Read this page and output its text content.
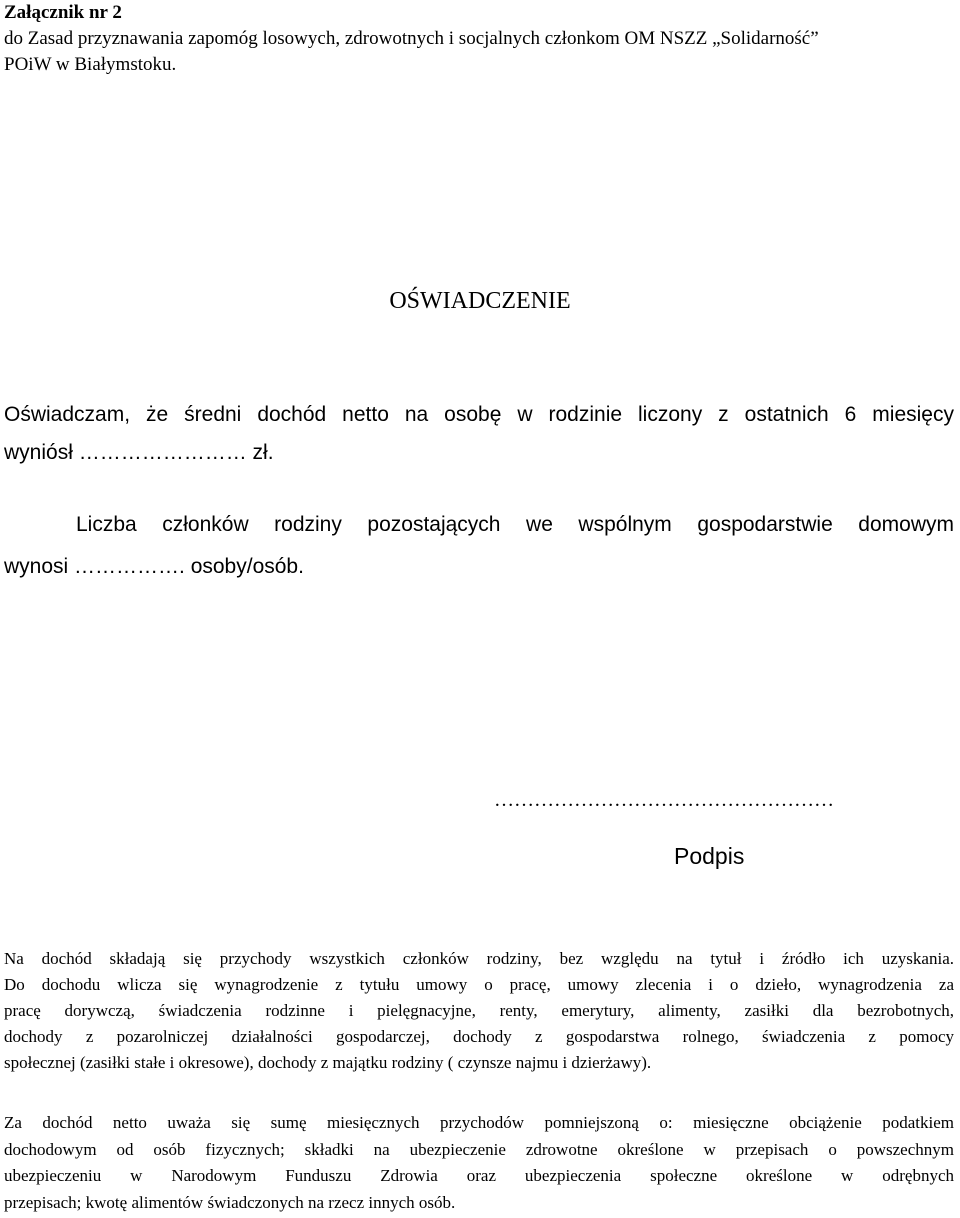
Załącznik nr 2
do Zasad przyznawania zapomóg losowych, zdrowotnych i socjalnych członkom OM NSZZ „Solidarność”
POiW w Białymstoku.
OŚWIADCZENIE
Oświadczam, że średni dochód netto na osobę w rodzinie liczony z ostatnich 6 miesięcy
wyniósł …………………… zł.
Liczba członków rodziny pozostających we wspólnym gospodarstwie domowym
wynosi ……………. osoby/osób.
……………………………………………
Podpis
Na dochód składają się przychody wszystkich członków rodziny, bez względu na tytuł i źródło ich uzyskania.
Do dochodu wlicza się wynagrodzenie z tytułu umowy o pracę, umowy zlecenia i o dzieło, wynagrodzenia za
pracę dorywczą, świadczenia rodzinne i pielęgnacyjne, renty, emerytury, alimenty, zasiłki dla bezrobotnych,
dochody z pozarolniczej działalności gospodarczej, dochody z gospodarstwa rolnego, świadczenia z pomocy
społecznej (zasiłki stałe i okresowe), dochody z majątku rodziny ( czynsze najmu i dzierżawy).
Za dochód netto uważa się sumę miesięcznych przychodów pomniejszoną o: miesięczne obciążenie podatkiem
dochodowym od osób fizycznych; składki na ubezpieczenie zdrowotne określone w przepisach o powszechnym
ubezpieczeniu w Narodowym Funduszu Zdrowia oraz ubezpieczenia społeczne określone w odrębnych
przepisach; kwotę alimentów świadczonych na rzecz innych osób.
